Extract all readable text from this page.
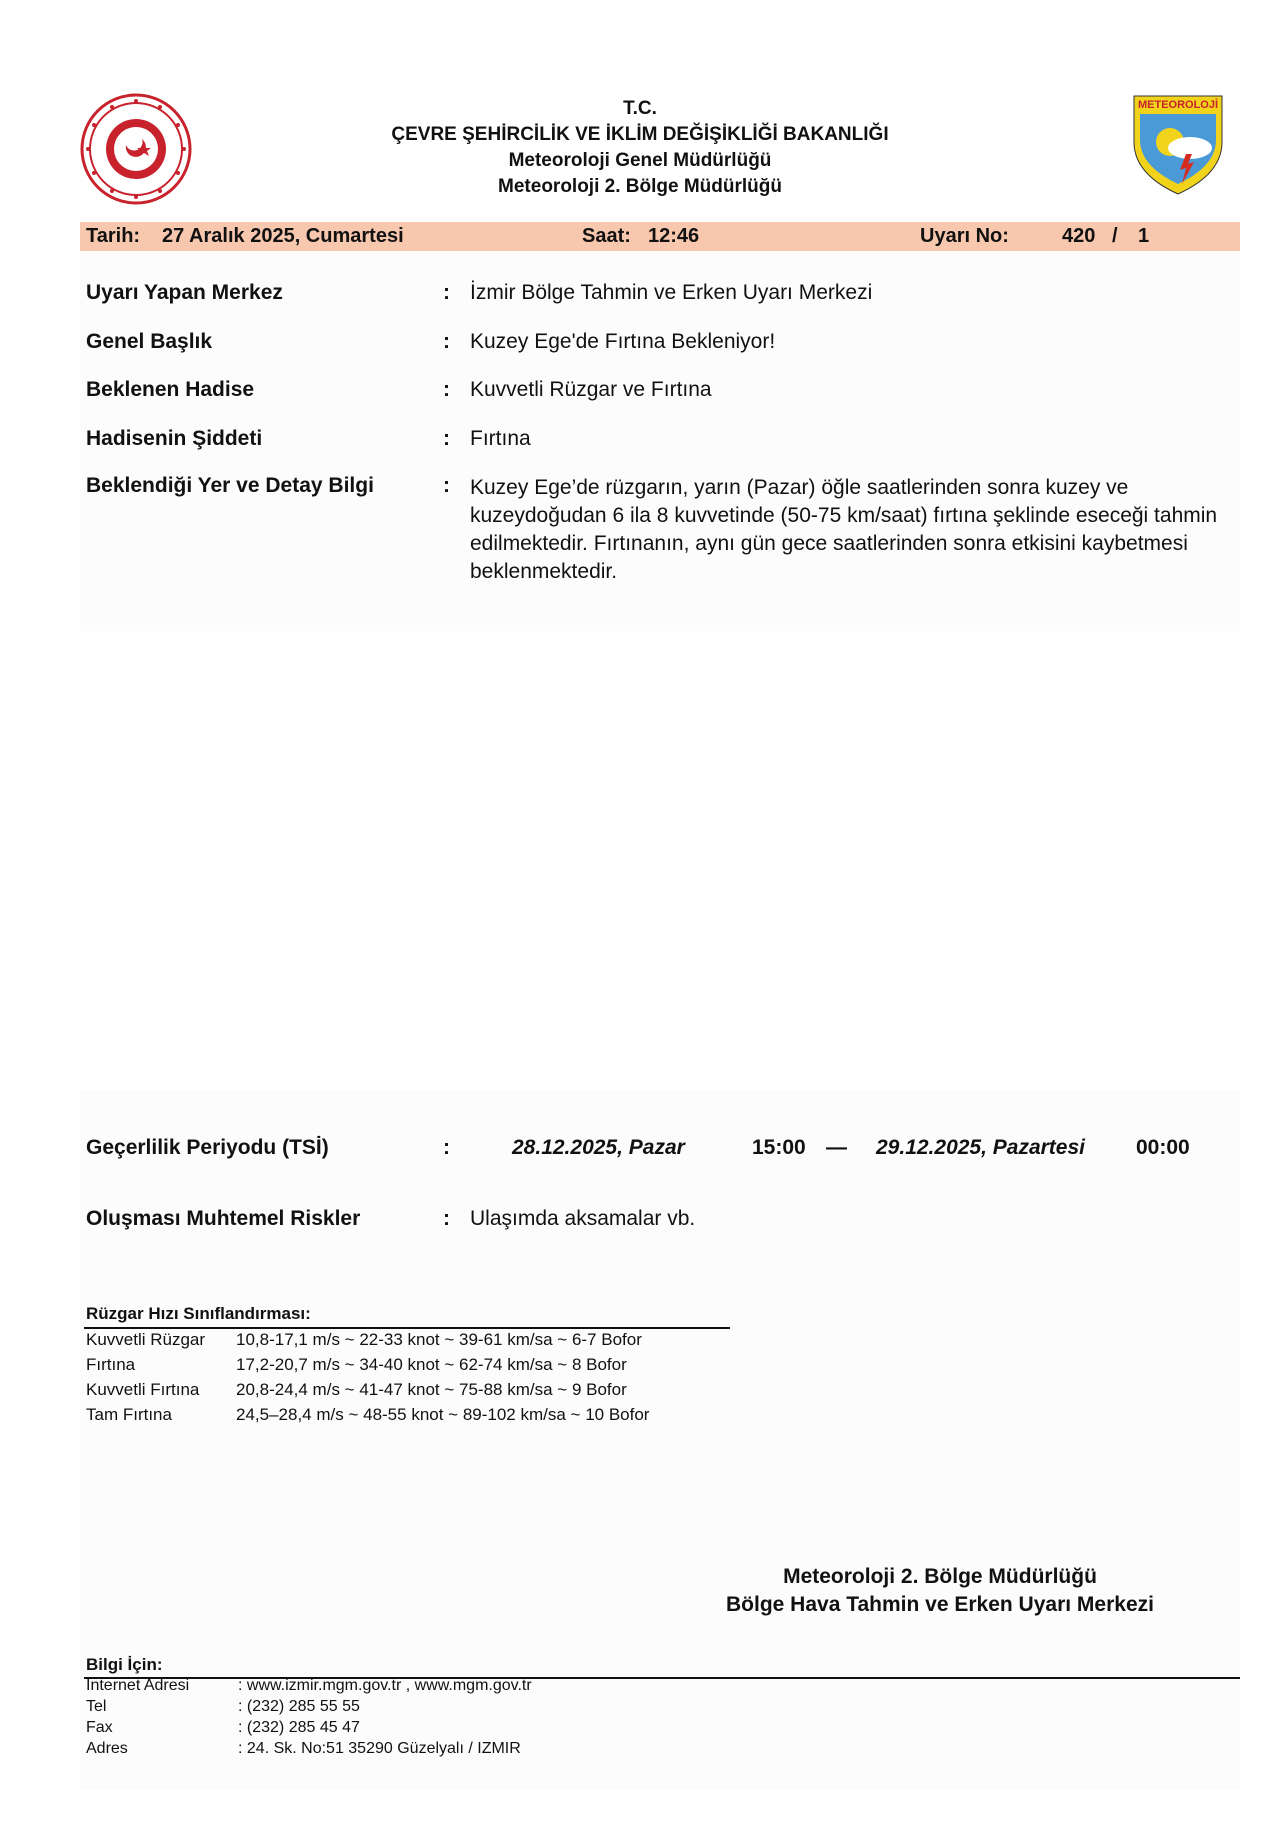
T.C.
ÇEVRE ŞEHİRCİLİK VE İKLİM DEĞİŞİKLİĞİ BAKANLIĞI
Meteoroloji Genel Müdürlüğü
Meteoroloji 2. Bölge Müdürlüğü
METEOROLOJİ
Tarih: 27 Aralık 2025, Cumartesi	Saat: 12:46	Uyarı No:	420 / 1
Uyarı Yapan Merkez	: İzmir Bölge Tahmin ve Erken Uyarı Merkezi
Genel Başlık	: Kuzey Ege'de Fırtına Bekleniyor!
Beklenen Hadise	: Kuvvetli Rüzgar ve Fırtına
Hadisenin Şiddeti	: Fırtına
Beklendiği Yer ve Detay Bilgi	: Kuzey Ege’de rüzgarın, yarın (Pazar) öğle saatlerinden sonra kuzey ve kuzeydoğudan 6 ila 8 kuvvetinde (50-75 km/saat) fırtına şeklinde eseceği tahmin edilmektedir. Fırtınanın, aynı gün gece saatlerinden sonra etkisini kaybetmesi beklenmektedir.
Geçerlilik Periyodu (TSİ)	:	28.12.2025, Pazar	15:00 — 29.12.2025, Pazartesi 00:00
Oluşması Muhtemel Riskler	: Ulaşımda aksamalar vb.
Rüzgar Hızı Sınıflandırması:
Kuvvetli Rüzgar 10,8-17,1 m/s ~ 22-33 knot ~ 39-61 km/sa ~ 6-7 Bofor
Fırtına	17,2-20,7 m/s ~ 34-40 knot ~ 62-74 km/sa ~ 8 Bofor
Kuvvetli Fırtına 20,8-24,4 m/s ~ 41-47 knot ~ 75-88 km/sa ~ 9 Bofor
Tam Fırtına	24,5–28,4 m/s ~ 48-55 knot ~ 89-102 km/sa ~ 10 Bofor
Meteoroloji 2. Bölge Müdürlüğü
Bölge Hava Tahmin ve Erken Uyarı Merkezi
Bilgi İçin:
Internet Adresi	: www.izmir.mgm.gov.tr , www.mgm.gov.tr
Tel	: (232) 285 55 55
Fax	: (232) 285 45 47
Adres	: 24. Sk. No:51 35290 Güzelyalı / IZMIR
